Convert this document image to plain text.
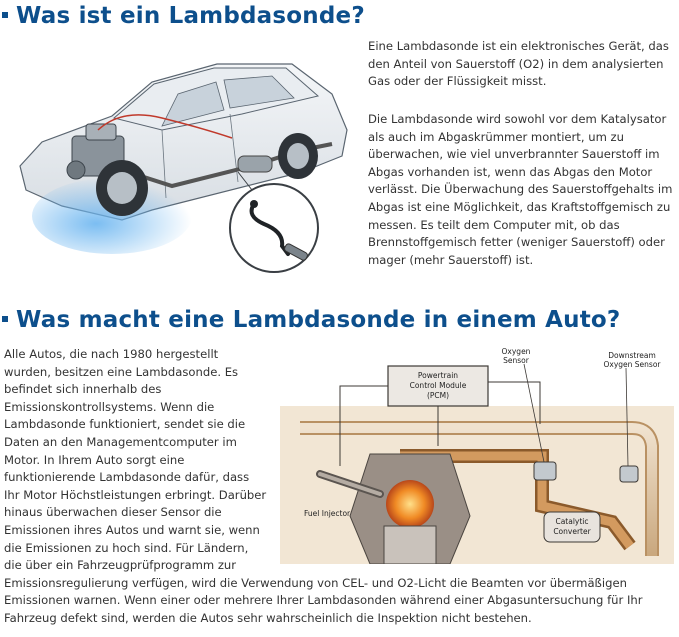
Was ist ein Lambdasonde?

Eine Lambdasonde ist ein elektronisches Gerät, das den Anteil von Sauerstoff (O2) in dem analysierten Gas oder der Flüssigkeit misst.

Die Lambdasonde wird sowohl vor dem Katalysator als auch im Abgaskrümmer montiert, um zu überwachen, wie viel unverbrannter Sauerstoff im Abgas vorhanden ist, wenn das Abgas den Motor verlässt. Die Überwachung des Sauerstoffgehalts im Abgas ist eine Möglichkeit, das Kraftstoffgemisch zu messen. Es teilt dem Computer mit, ob das Brennstoffgemisch fetter (weniger Sauerstoff) oder mager (mehr Sauerstoff) ist.

Was macht eine Lambdasonde in einem Auto?
Powertrain
Control Module
(PCM)
Oxygen
Sensor
Downstream
Oxygen Sensor
Fuel Injector
Catalytic
Converter
Alle Autos, die nach 1980 hergestellt wurden, besitzen eine Lambdasonde. Es befindet sich innerhalb des Emissionskontrollsystems. Wenn die Lambdasonde funktioniert, sendet sie die Daten an den Managementcomputer im Motor. In Ihrem Auto sorgt eine funktionierende Lambdasonde dafür, dass Ihr Motor Höchstleistungen erbringt. Darüber hinaus überwachen dieser Sensor die Emissionen ihres Autos und warnt sie, wenn die Emissionen zu hoch sind. Für Ländern, die über ein Fahrzeugprüfprogramm zur Emissionsregulierung verfügen, wird die Verwendung von CEL- und O2-Licht die Beamten vor übermäßigen Emissionen warnen. Wenn einer oder mehrere Ihrer Lambdasonden während einer Abgasuntersuchung für Ihr Fahrzeug defekt sind, werden die Autos sehr wahrscheinlich die Inspektion nicht bestehen.
